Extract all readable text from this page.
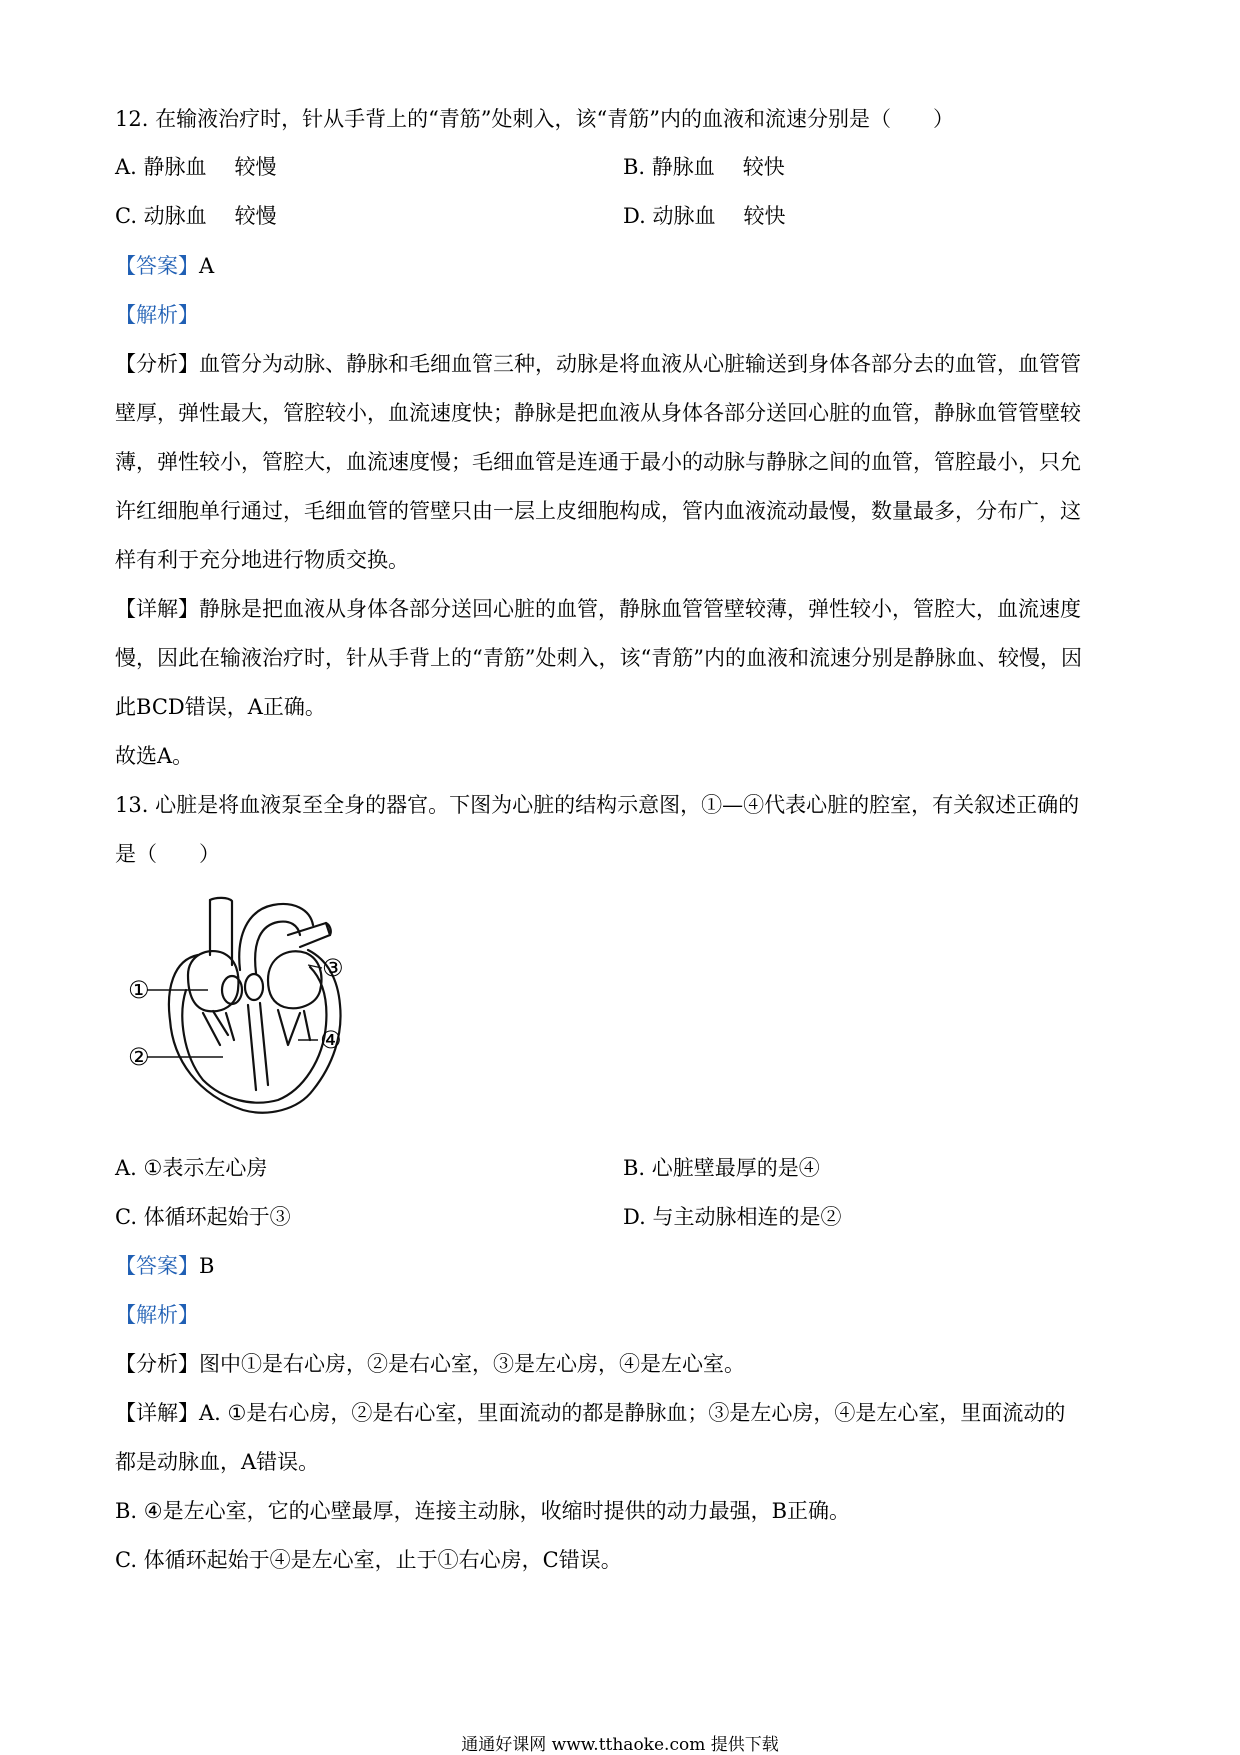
12. 在输液治疗时，针从手背上的“青筋”处刺入，该“青筋”内的血液和流速分别是（　　）
A. 静脉血 较慢	B. 静脉血 较快
C. 动脉血 较慢	D. 动脉血 较快
【答案】A
【解析】
【分析】血管分为动脉、静脉和毛细血管三种，动脉是将血液从心脏输送到身体各部分去的血管，血管管
壁厚，弹性最大，管腔较小，血流速度快；静脉是把血液从身体各部分送回心脏的血管，静脉血管管壁较
薄，弹性较小，管腔大，血流速度慢；毛细血管是连通于最小的动脉与静脉之间的血管，管腔最小，只允
许红细胞单行通过，毛细血管的管壁只由一层上皮细胞构成，管内血液流动最慢，数量最多，分布广，这
样有利于充分地进行物质交换。
【详解】静脉是把血液从身体各部分送回心脏的血管，静脉血管管壁较薄，弹性较小，管腔大，血流速度
慢，因此在输液治疗时，针从手背上的“青筋”处刺入，该“青筋”内的血液和流速分别是静脉血、较慢，因
此BCD错误，A正确。
故选A。
13. 心脏是将血液泵至全身的器官。下图为心脏的结构示意图，①—④代表心脏的腔室，有关叙述正确的
是（　　）
①
②
③
④
A. ①表示左心房	B. 心脏壁最厚的是④
C. 体循环起始于③	D. 与主动脉相连的是②
【答案】B
【解析】
【分析】图中①是右心房，②是右心室，③是左心房，④是左心室。
【详解】A. ①是右心房，②是右心室，里面流动的都是静脉血；③是左心房，④是左心室，里面流动的
都是动脉血，A错误。
B. ④是左心室，它的心壁最厚，连接主动脉，收缩时提供的动力最强，B正确。
C. 体循环起始于④是左心室，止于①右心房，C错误。
通通好课网 www.tthaoke.com 提供下载
